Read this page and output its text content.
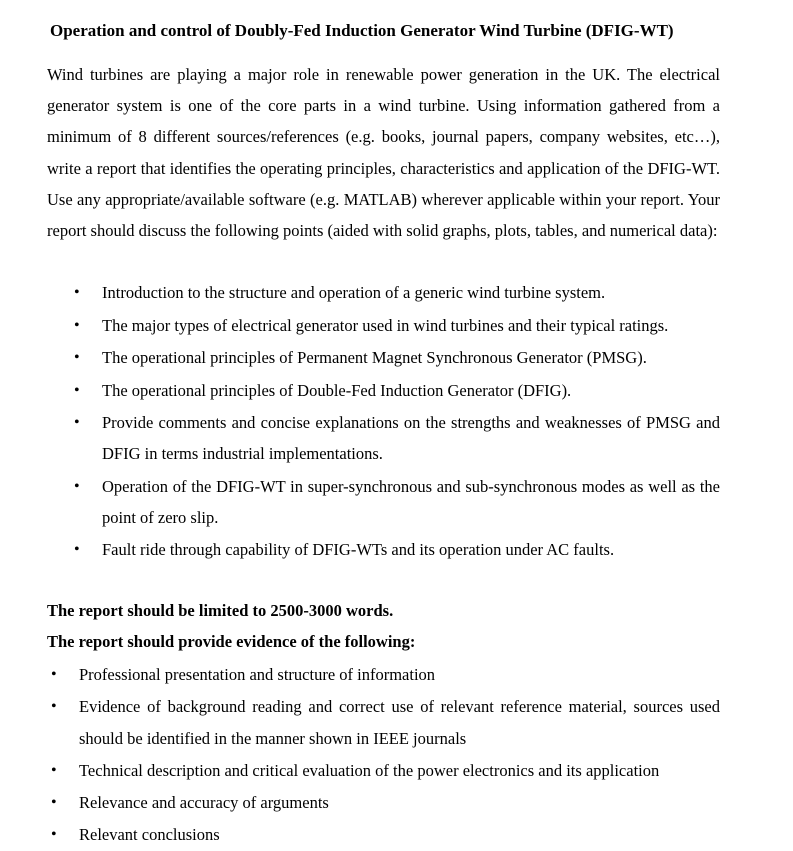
Operation and control of Doubly-Fed Induction Generator Wind Turbine (DFIG-WT)

Wind turbines are playing a major role in renewable power generation in the UK. The electrical generator system is one of the core parts in a wind turbine. Using information gathered from a minimum of 8 different sources/references (e.g. books, journal papers, company websites, etc…), write a report that identifies the operating principles, characteristics and application of the DFIG-WT. Use any appropriate/available software (e.g. MATLAB) wherever applicable within your report. Your report should discuss the following points (aided with solid graphs, plots, tables, and numerical data):

• Introduction to the structure and operation of a generic wind turbine system.
• The major types of electrical generator used in wind turbines and their typical ratings.
• The operational principles of Permanent Magnet Synchronous Generator (PMSG).
• The operational principles of Double-Fed Induction Generator (DFIG).
• Provide comments and concise explanations on the strengths and weaknesses of PMSG and DFIG in terms industrial implementations.
• Operation of the DFIG-WT in super-synchronous and sub-synchronous modes as well as the point of zero slip.
• Fault ride through capability of DFIG-WTs and its operation under AC faults.
The report should be limited to 2500-3000 words.
The report should provide evidence of the following:
• Professional presentation and structure of information
• Evidence of background reading and correct use of relevant reference material, sources used should be identified in the manner shown in IEEE journals
• Technical description and critical evaluation of the power electronics and its application
• Relevance and accuracy of arguments
• Relevant conclusions
